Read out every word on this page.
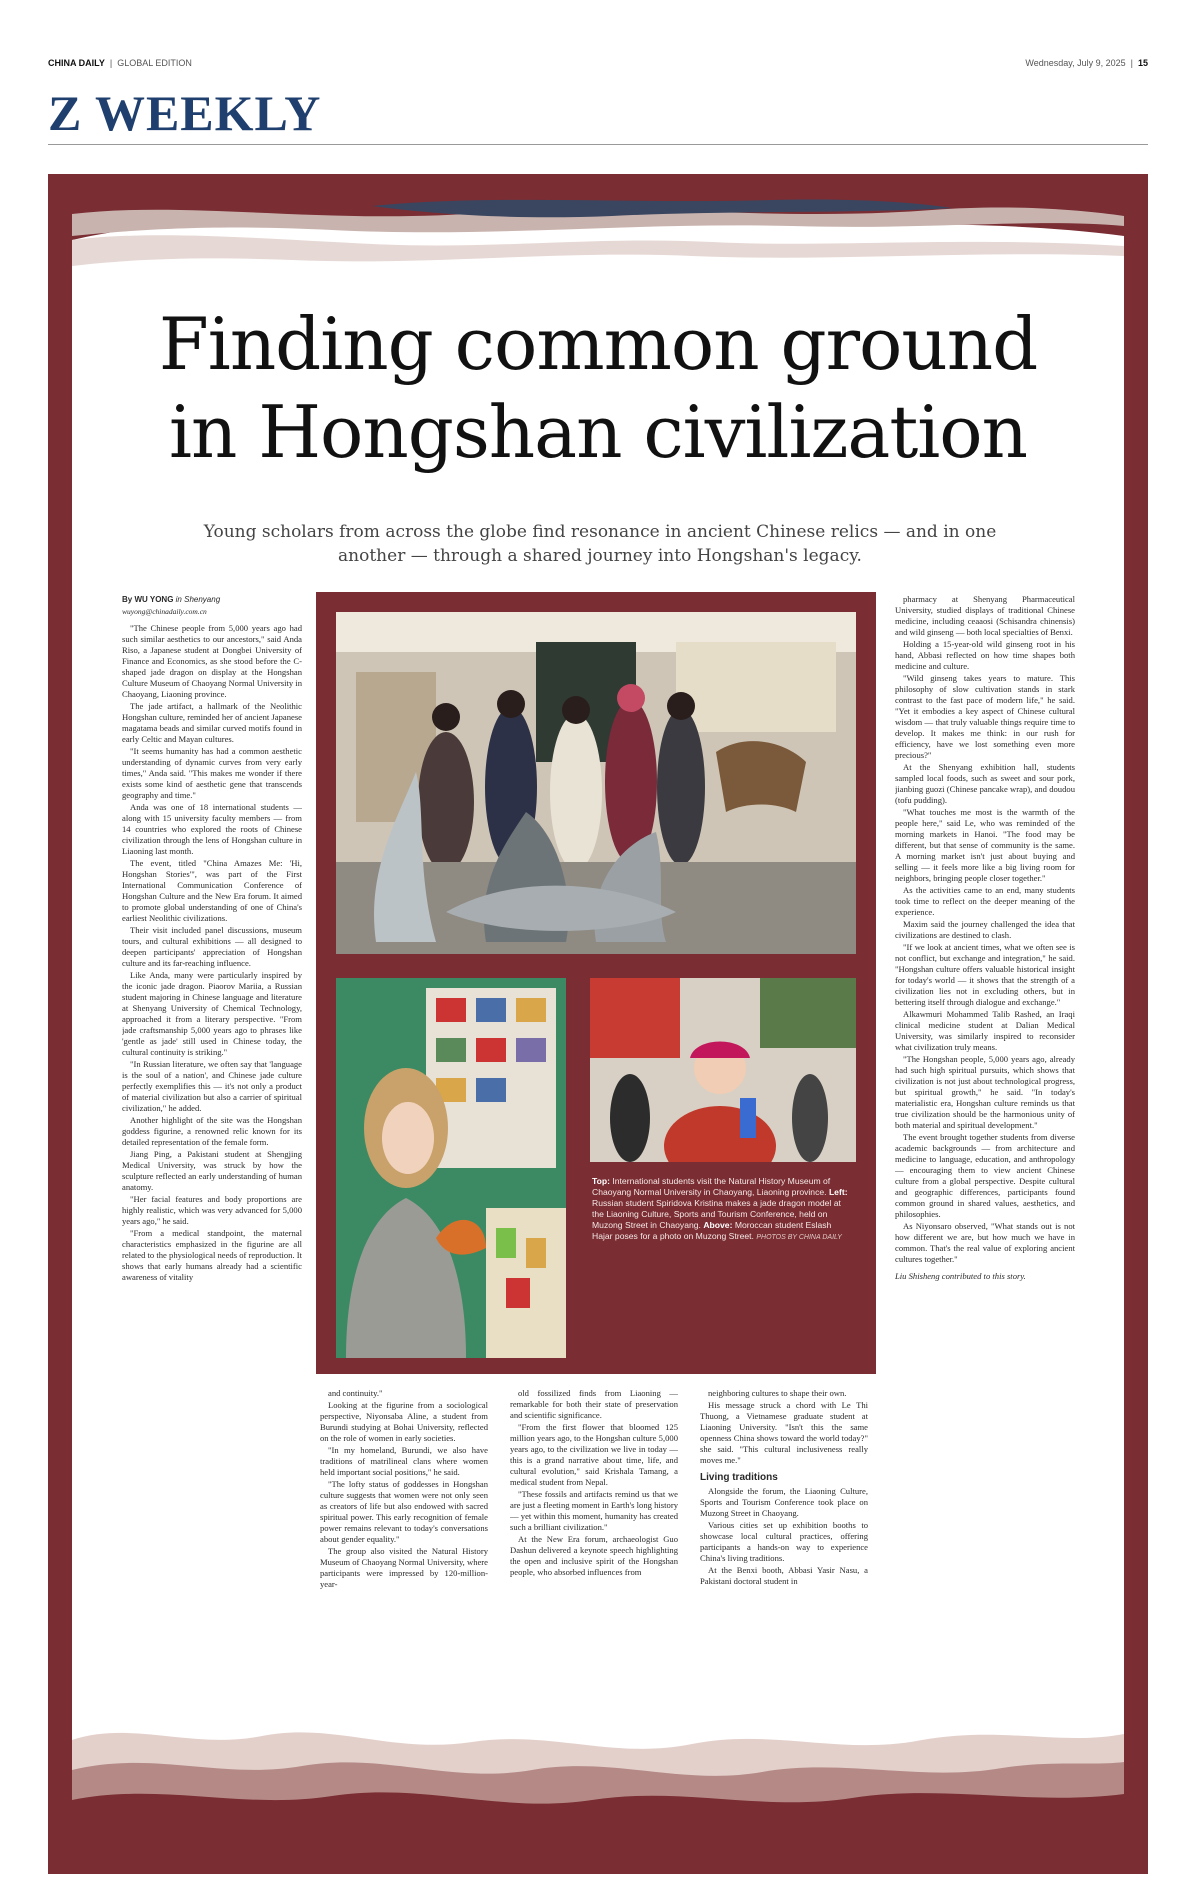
CHINA DAILY  |  GLOBAL EDITION	Wednesday, July 9, 2025  |  15
Z WEEKLY
Finding common ground
in Hongshan civilization
Young scholars from across the globe find resonance in ancient Chinese relics — and in one another — through a shared journey into Hongshan's legacy.

By WU YONG in Shenyang

wuyong@chinadaily.com.cn

"The Chinese people from 5,000 years ago had such similar aesthetics to our ancestors," said Anda Riso, a Japanese student at Dongbei University of Finance and Economics, as she stood before the C-shaped jade dragon on display at the Hongshan Culture Museum of Chaoyang Normal University in Chaoyang, Liaoning province.

The jade artifact, a hallmark of the Neolithic Hongshan culture, reminded her of ancient Japanese magatama beads and similar curved motifs found in early Celtic and Mayan cultures.

"It seems humanity has had a common aesthetic understanding of dynamic curves from very early times," Anda said. "This makes me wonder if there exists some kind of aesthetic gene that transcends geography and time."

Anda was one of 18 international students — along with 15 university faculty members — from 14 countries who explored the roots of Chinese civilization through the lens of Hongshan culture in Liaoning last month.

The event, titled "China Amazes Me: 'Hi, Hongshan Stories'", was part of the First International Communication Conference of Hongshan Culture and the New Era forum. It aimed to promote global understanding of one of China's earliest Neolithic civilizations.

Their visit included panel discussions, museum tours, and cultural exhibitions — all designed to deepen participants' appreciation of Hongshan culture and its far-reaching influence.

Like Anda, many were particularly inspired by the iconic jade dragon. Piaorov Mariia, a Russian student majoring in Chinese language and literature at Shenyang University of Chemical Technology, approached it from a literary perspective. "From jade craftsmanship 5,000 years ago to phrases like 'gentle as jade' still used in Chinese today, the cultural continuity is striking."

"In Russian literature, we often say that 'language is the soul of a nation', and Chinese jade culture perfectly exemplifies this — it's not only a product of material civilization but also a carrier of spiritual civilization," he added.

Another highlight of the site was the Hongshan goddess figurine, a renowned relic known for its detailed representation of the female form.

Jiang Ping, a Pakistani student at Shengjing Medical University, was struck by how the sculpture reflected an early understanding of human anatomy.

"Her facial features and body proportions are highly realistic, which was very advanced for 5,000 years ago," he said.

"From a medical standpoint, the maternal characteristics emphasized in the figurine are all related to the physiological needs of reproduction. It shows that early humans already had a scientific awareness of vitality

Top: International students visit the Natural History Museum of Chaoyang Normal University in Chaoyang, Liaoning province. Left: Russian student Spiridova Kristina makes a jade dragon model at the Liaoning Culture, Sports and Tourism Conference, held on Muzong Street in Chaoyang. Above: Moroccan student Eslash Hajar poses for a photo on Muzong Street. PHOTOS BY CHINA DAILY

and continuity."

Looking at the figurine from a sociological perspective, Niyonsaba Aline, a student from Burundi studying at Bohai University, reflected on the role of women in early societies.

"In my homeland, Burundi, we also have traditions of matrilineal clans where women held important social positions," he said.

"The lofty status of goddesses in Hongshan culture suggests that women were not only seen as creators of life but also endowed with sacred spiritual power. This early recognition of female power remains relevant to today's conversations about gender equality."

The group also visited the Natural History Museum of Chaoyang Normal University, where participants were impressed by 120-million-year-

old fossilized finds from Liaoning — remarkable for both their state of preservation and scientific significance.

"From the first flower that bloomed 125 million years ago, to the Hongshan culture 5,000 years ago, to the civilization we live in today — this is a grand narrative about time, life, and cultural evolution," said Krishala Tamang, a medical student from Nepal.

"These fossils and artifacts remind us that we are just a fleeting moment in Earth's long history — yet within this moment, humanity has created such a brilliant civilization."

At the New Era forum, archaeologist Guo Dashun delivered a keynote speech highlighting the open and inclusive spirit of the Hongshan people, who absorbed influences from

neighboring cultures to shape their own.

His message struck a chord with Le Thi Thuong, a Vietnamese graduate student at Liaoning University. "Isn't this the same openness China shows toward the world today?" she said. "This cultural inclusiveness really moves me."

Living traditions

Alongside the forum, the Liaoning Culture, Sports and Tourism Conference took place on Muzong Street in Chaoyang.

Various cities set up exhibition booths to showcase local cultural practices, offering participants a hands-on way to experience China's living traditions.

At the Benxi booth, Abbasi Yasir Nasu, a Pakistani doctoral student in

pharmacy at Shenyang Pharmaceutical University, studied displays of traditional Chinese medicine, including ceaaosi (Schisandra chinensis) and wild ginseng — both local specialties of Benxi.

Holding a 15-year-old wild ginseng root in his hand, Abbasi reflected on how time shapes both medicine and culture.

"Wild ginseng takes years to mature. This philosophy of slow cultivation stands in stark contrast to the fast pace of modern life," he said. "Yet it embodies a key aspect of Chinese cultural wisdom — that truly valuable things require time to develop. It makes me think: in our rush for efficiency, have we lost something even more precious?"

At the Shenyang exhibition hall, students sampled local foods, such as sweet and sour pork, jianbing guozi (Chinese pancake wrap), and doudou (tofu pudding).

"What touches me most is the warmth of the people here," said Le, who was reminded of the morning markets in Hanoi. "The food may be different, but that sense of community is the same. A morning market isn't just about buying and selling — it feels more like a big living room for neighbors, bringing people closer together."

As the activities came to an end, many students took time to reflect on the deeper meaning of the experience.

Maxim said the journey challenged the idea that civilizations are destined to clash.

"If we look at ancient times, what we often see is not conflict, but exchange and integration," he said. "Hongshan culture offers valuable historical insight for today's world — it shows that the strength of a civilization lies not in excluding others, but in bettering itself through dialogue and exchange."

Alkawmuri Mohammed Talib Rashed, an Iraqi clinical medicine student at Dalian Medical University, was similarly inspired to reconsider what civilization truly means.

"The Hongshan people, 5,000 years ago, already had such high spiritual pursuits, which shows that civilization is not just about technological progress, but spiritual growth," he said. "In today's materialistic era, Hongshan culture reminds us that true civilization should be the harmonious unity of both material and spiritual development."

The event brought together students from diverse academic backgrounds — from architecture and medicine to language, education, and anthropology — encouraging them to view ancient Chinese culture from a global perspective. Despite cultural and geographic differences, participants found common ground in shared values, aesthetics, and philosophies.

As Niyonsaro observed, "What stands out is not how different we are, but how much we have in common. That's the real value of exploring ancient cultures together."

Liu Shisheng contributed to this story.
